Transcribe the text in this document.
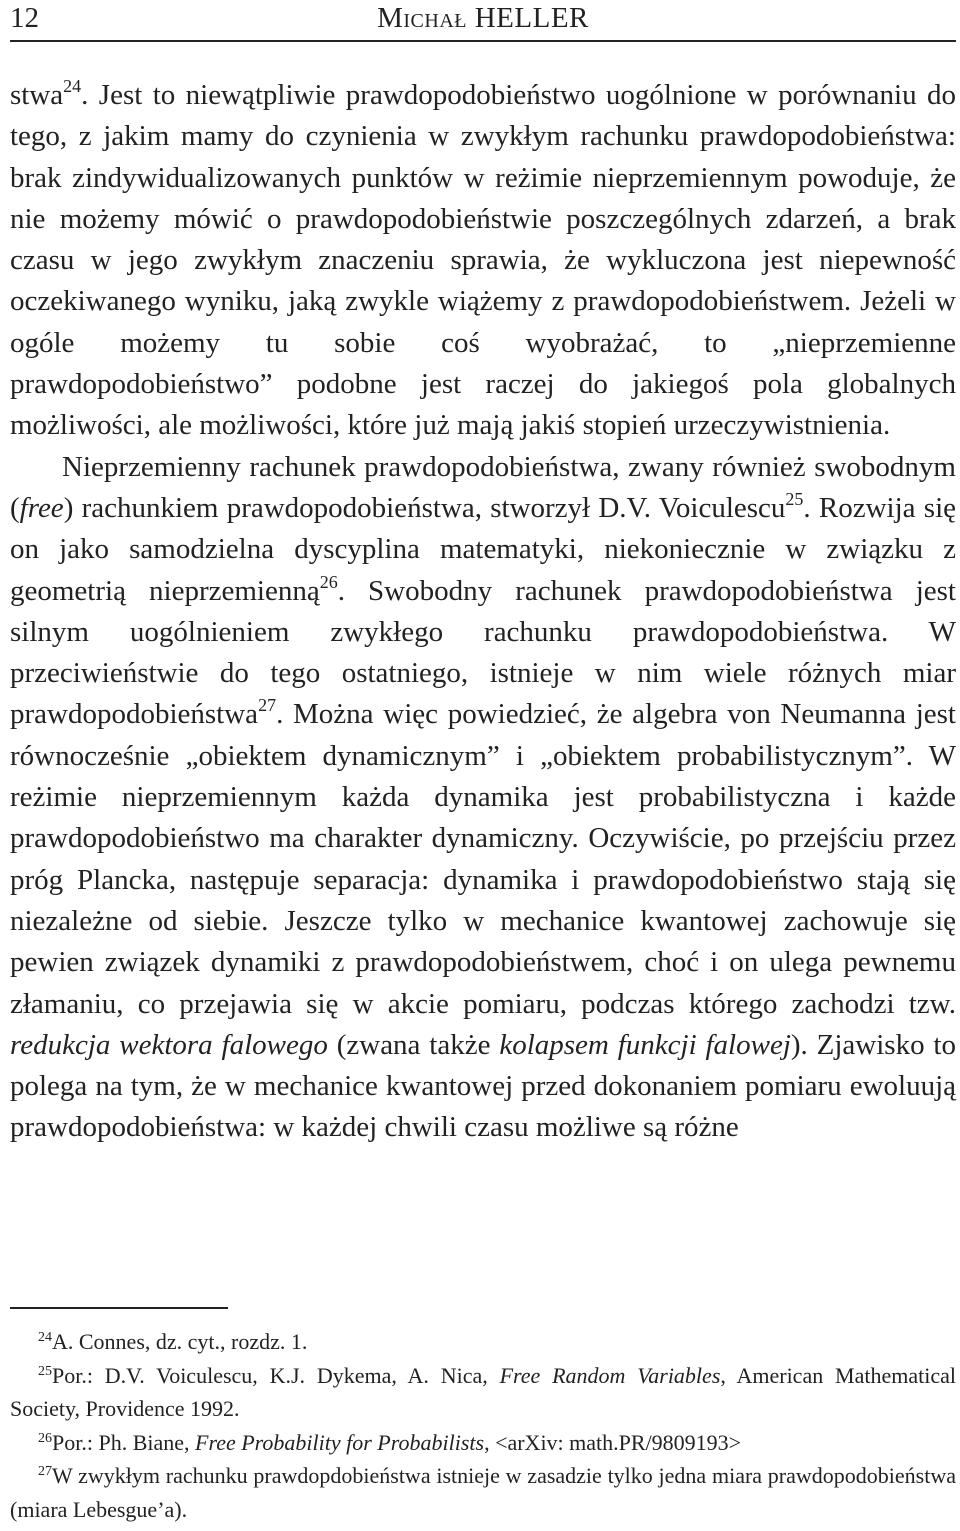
12	Michał HELLER

stwa$^{24}$. Jest to niewątpliwie prawdopodobieństwo uogólnione w porównaniu do tego, z jakim mamy do czynienia w zwykłym rachunku prawdopodobieństwa: brak zindywidualizowanych punktów w reżimie nieprzemiennym powoduje, że nie możemy mówić o prawdopodobieństwie poszczególnych zdarzeń, a brak czasu w jego zwykłym znaczeniu sprawia, że wykluczona jest niepewność oczekiwanego wyniku, jaką zwykle wiążemy z prawdopodobieństwem. Jeżeli w ogóle możemy tu sobie coś wyobrażać, to „nieprzemienne prawdopodobieństwo” podobne jest raczej do jakiegoś pola globalnych możliwości, ale możliwości, które już mają jakiś stopień urzeczywistnienia.

Nieprzemienny rachunek prawdopodobieństwa, zwany również swobodnym (free) rachunkiem prawdopodobieństwa, stworzył D.V. Voiculescu$^{25}$. Rozwija się on jako samodzielna dyscyplina matematyki, niekoniecznie w związku z geometrią nieprzemienną$^{26}$. Swobodny rachunek prawdopodobieństwa jest silnym uogólnieniem zwykłego rachunku prawdopodobieństwa. W przeciwieństwie do tego ostatniego, istnieje w nim wiele różnych miar prawdopodobieństwa$^{27}$. Można więc powiedzieć, że algebra von Neumanna jest równocześnie „obiektem dynamicznym” i „obiektem probabilistycznym”. W reżimie nieprzemiennym każda dynamika jest probabilistyczna i każde prawdopodobieństwo ma charakter dynamiczny. Oczywiście, po przejściu przez próg Plancka, następuje separacja: dynamika i prawdopodobieństwo stają się niezależne od siebie. Jeszcze tylko w mechanice kwantowej zachowuje się pewien związek dynamiki z prawdopodobieństwem, choć i on ulega pewnemu złamaniu, co przejawia się w akcie pomiaru, podczas którego zachodzi tzw. redukcja wektora falowego (zwana także kolapsem funkcji falowej). Zjawisko to polega na tym, że w mechanice kwantowej przed dokonaniem pomiaru ewoluują prawdopodobieństwa: w każdej chwili czasu możliwe są różne

$^{24}$A. Connes, dz. cyt., rozdz. 1.

$^{25}$Por.: D.V. Voiculescu, K.J. Dykema, A. Nica, Free Random Variables, American Mathematical Society, Providence 1992.

$^{26}$Por.: Ph. Biane, Free Probability for Probabilists, <arXiv: math.PR/9809193>

$^{27}$W zwykłym rachunku prawdopdobieństwa istnieje w zasadzie tylko jedna miara prawdopodobieństwa (miara Lebesgue’a).
